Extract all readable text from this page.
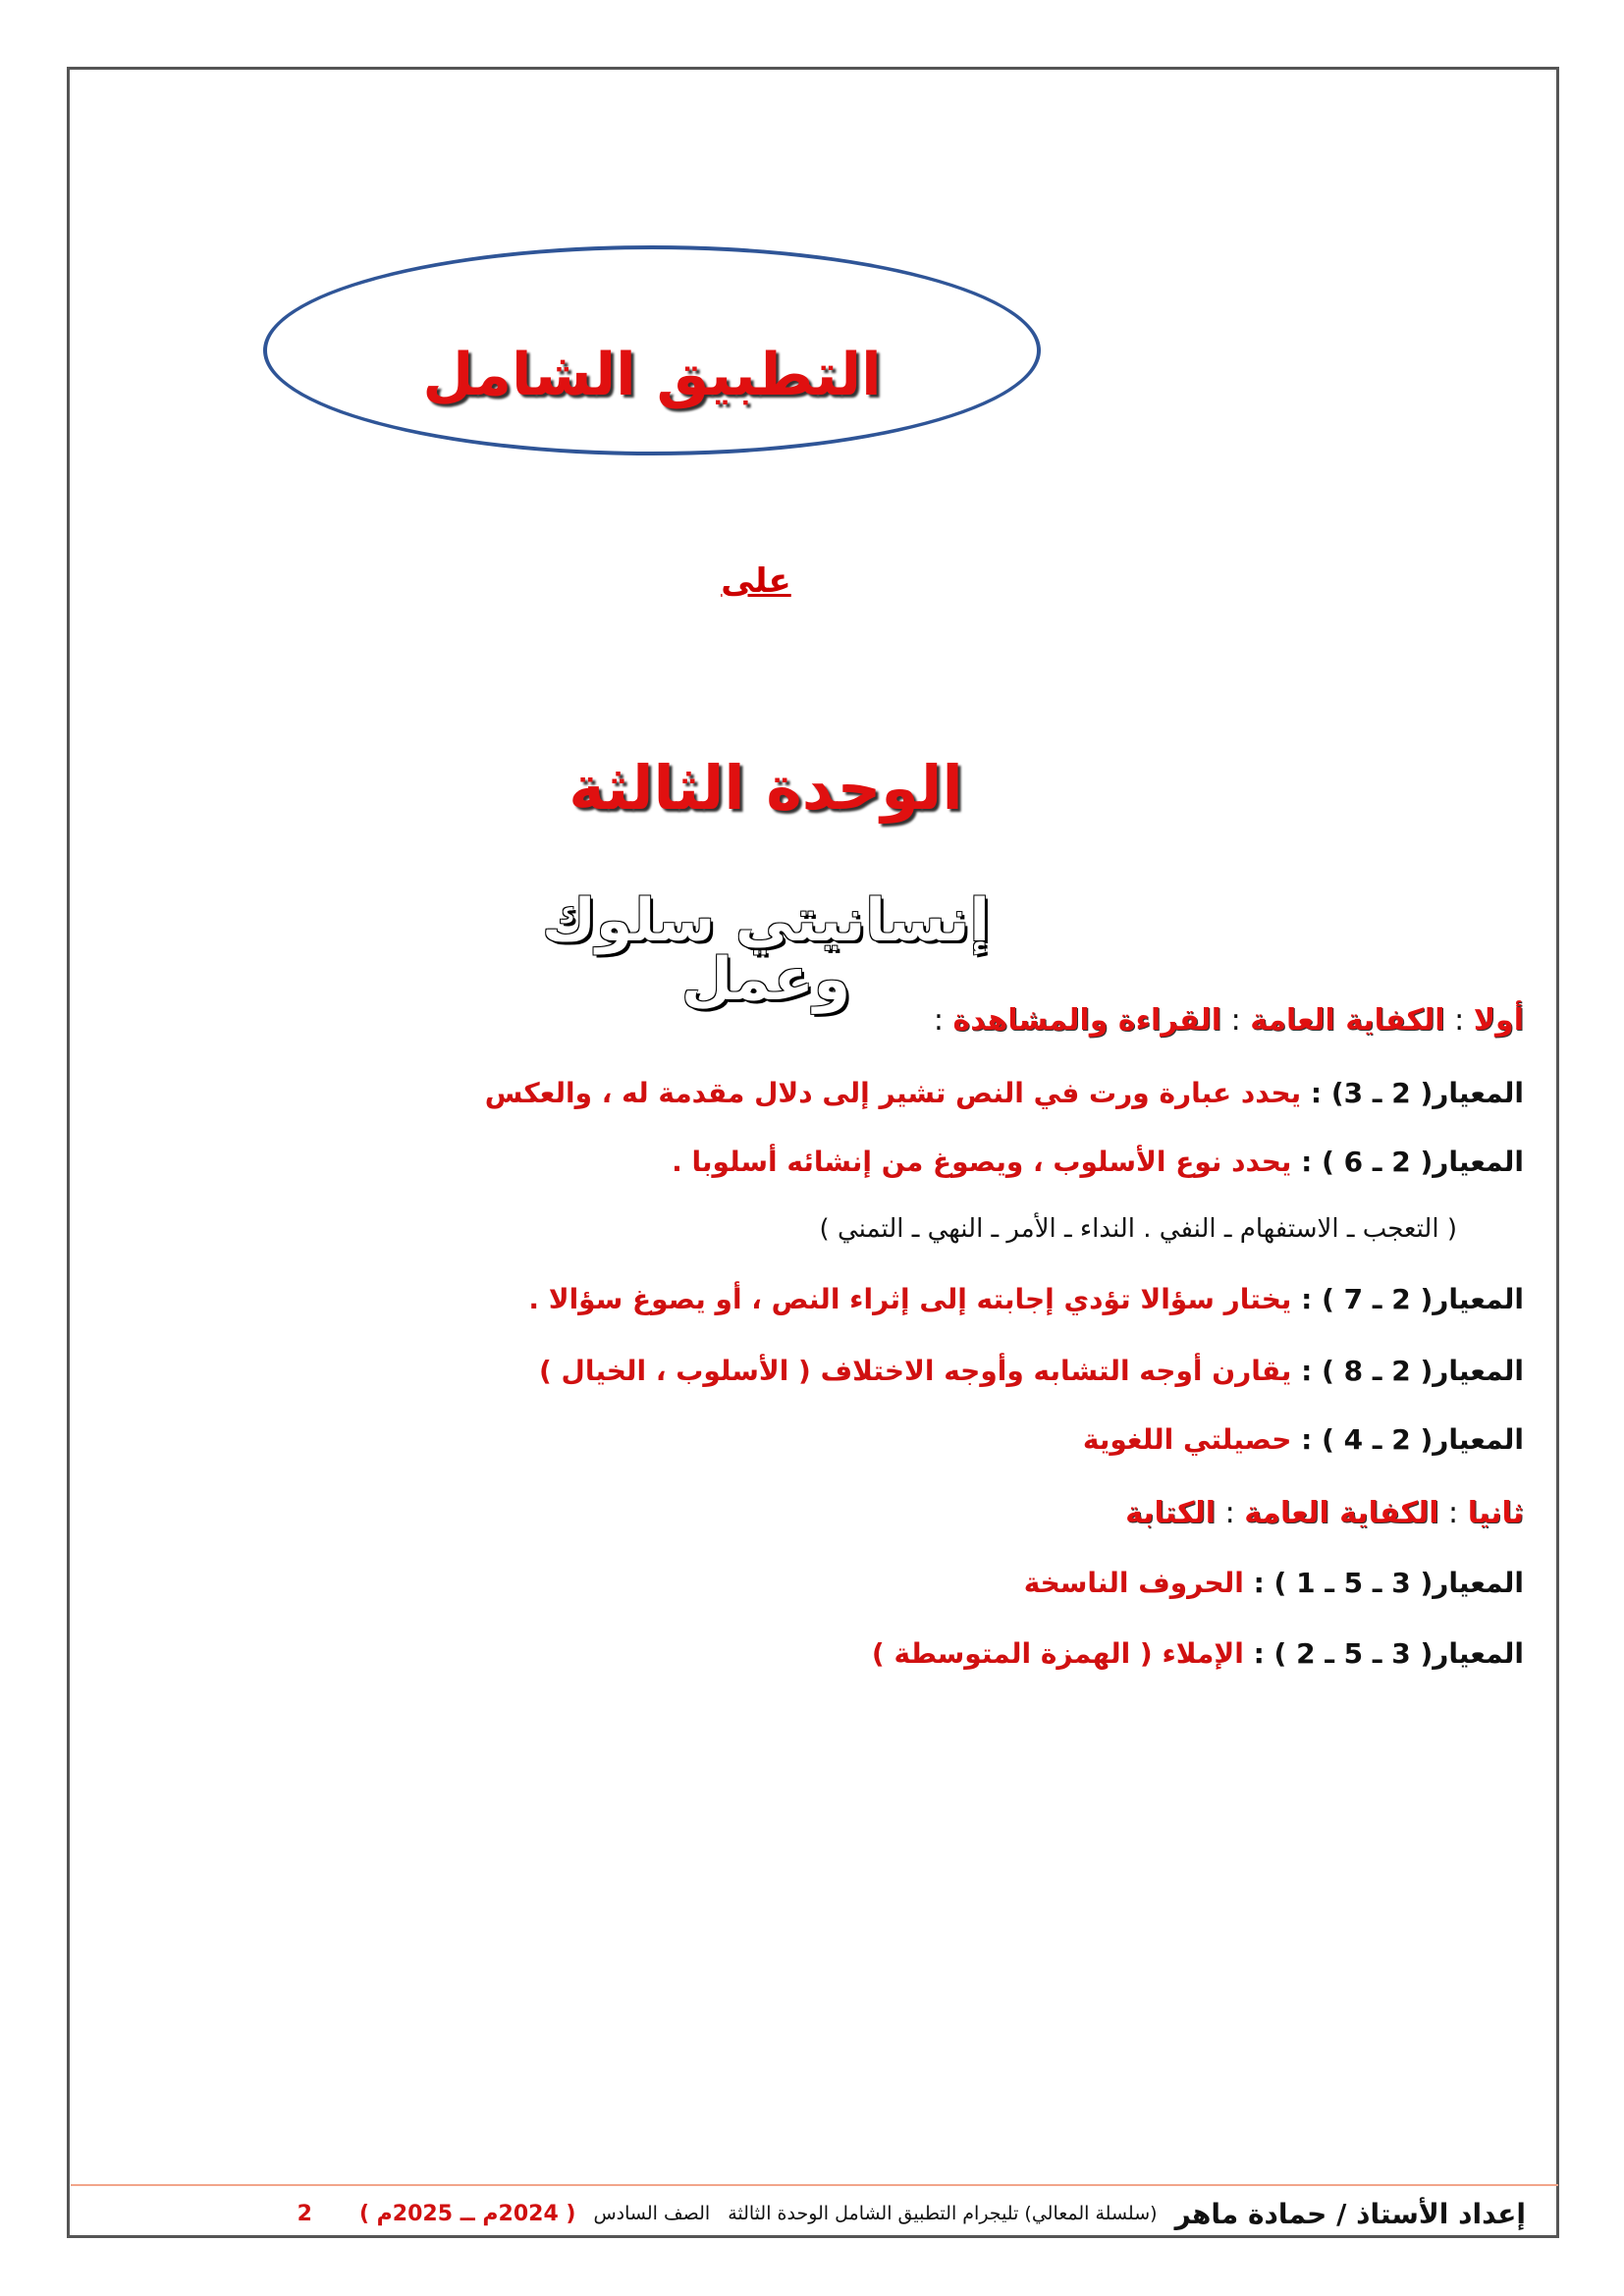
التطبيق الشامل
على
الوحدة الثالثة
إنسانيتي سلوك وعمل
أولا : الكفاية العامة : القراءة والمشاهدة :
المعيار( 2 ـ 3) : يحدد عبارة ورت في النص تشير إلى دلال مقدمة له ، والعكس
المعيار( 2 ـ 6 ) : يحدد نوع الأسلوب ، ويصوغ من إنشائه أسلوبا .
( التعجب ـ الاستفهام ـ النفي . النداء ـ الأمر ـ النهي ـ التمني )
المعيار( 2 ـ 7 ) : يختار سؤالا تؤدي إجابته إلى إثراء النص ، أو يصوغ سؤالا .
المعيار( 2 ـ 8 ) : يقارن أوجه التشابه وأوجه الاختلاف ( الأسلوب ، الخيال )
المعيار( 2 ـ 4 ) : حصيلتي اللغوية
ثانيا : الكفاية العامة : الكتابة
المعيار( 3 ـ 5 ـ 1 ) : الحروف الناسخة
المعيار( 3 ـ 5 ـ 2 ) : الإملاء ( الهمزة المتوسطة )
إعداد الأستاذ / حمادة ماهر
(سلسلة المعالي) تليجرام التطبيق الشامل الوحدة الثالثة
الصف السادس
( 2024م ــ 2025م )
2
